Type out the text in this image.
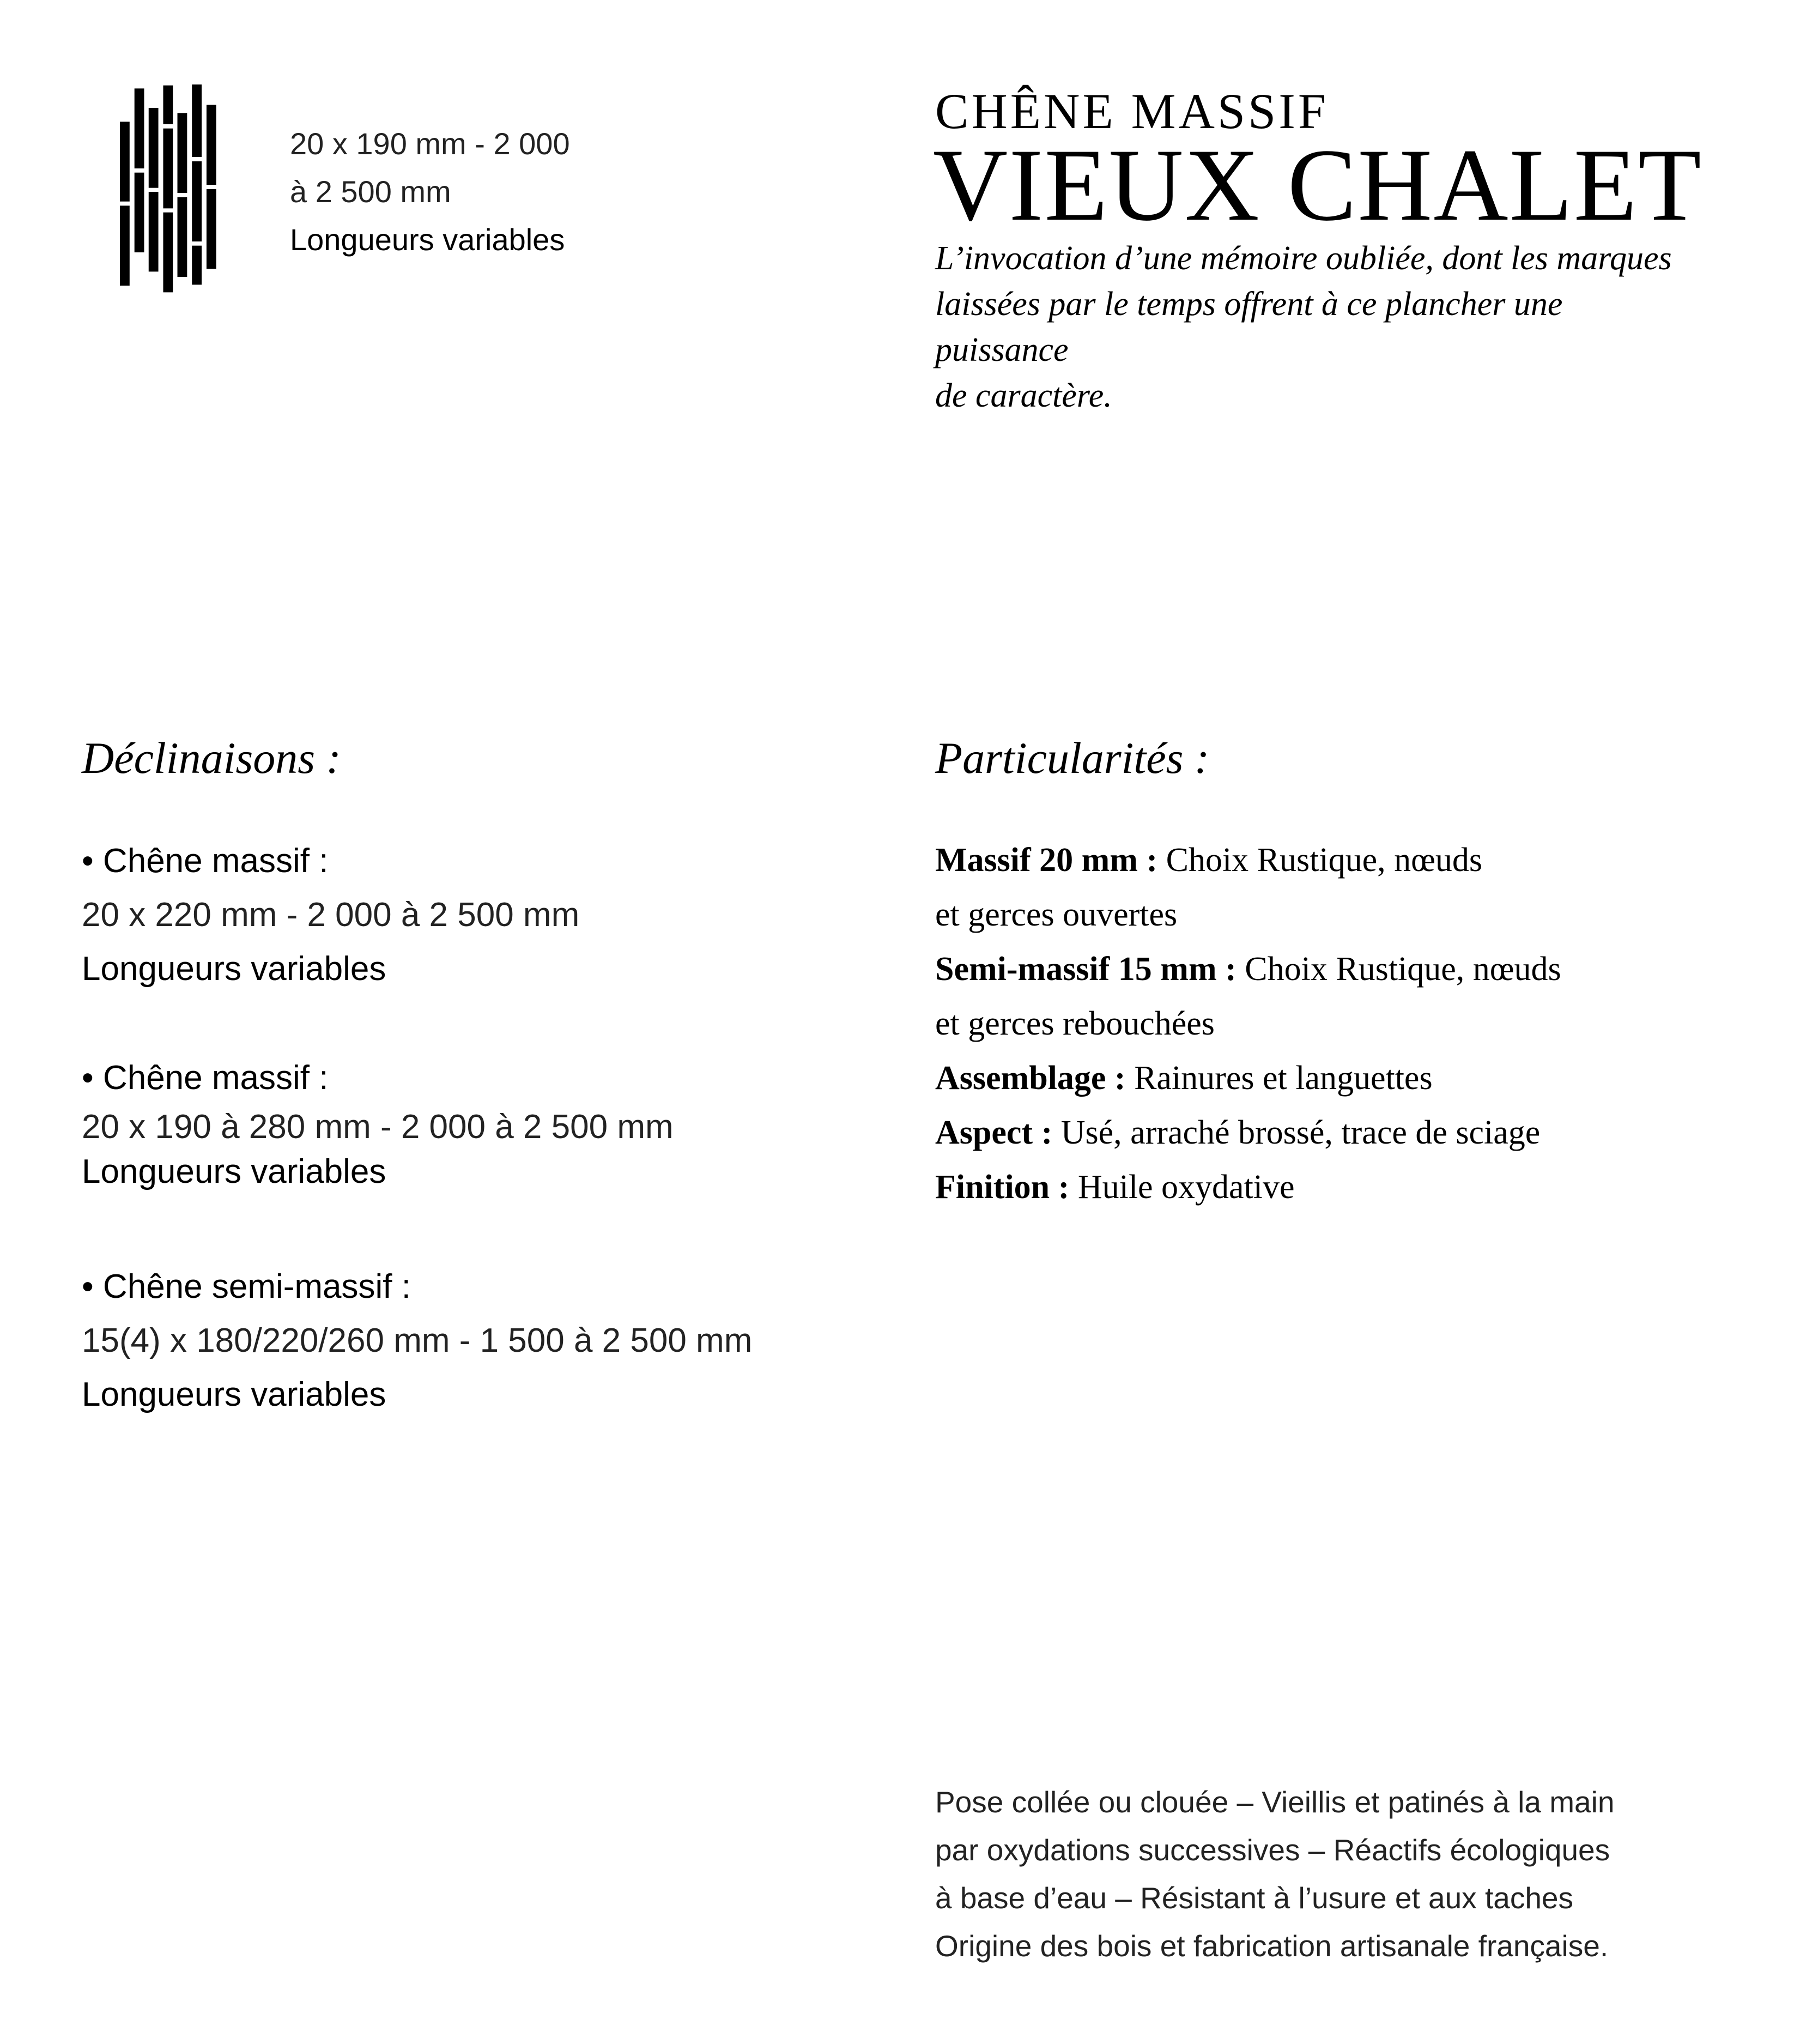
20 x 190 mm - 2 000
à 2 500 mm
Longueurs variables
CHÊNE MASSIF
VIEUX CHALET
L’invocation d’une mémoire oubliée, dont les marques
laissées par le temps offrent à ce plancher une puissance
de caractère.
Déclinaisons :	Particularités :
• Chêne massif :
20 x 220 mm - 2 000 à 2 500 mm
Longueurs variables
• Chêne massif :
20 x 190 à 280 mm - 2 000 à 2 500 mm
Longueurs variables
• Chêne semi-massif :
15(4) x 180/220/260 mm - 1 500 à 2 500 mm
Longueurs variables
Massif 20 mm : Choix Rustique, nœuds
et gerces ouvertes
Semi-massif 15 mm : Choix Rustique, nœuds
et gerces rebouchées
Assemblage : Rainures et languettes
Aspect : Usé, arraché brossé, trace de sciage
Finition : Huile oxydative
Pose collée ou clouée – Vieillis et patinés à la main
par oxydations successives – Réactifs écologiques
à base d’eau – Résistant à l’usure et aux taches
Origine des bois et fabrication artisanale française.
